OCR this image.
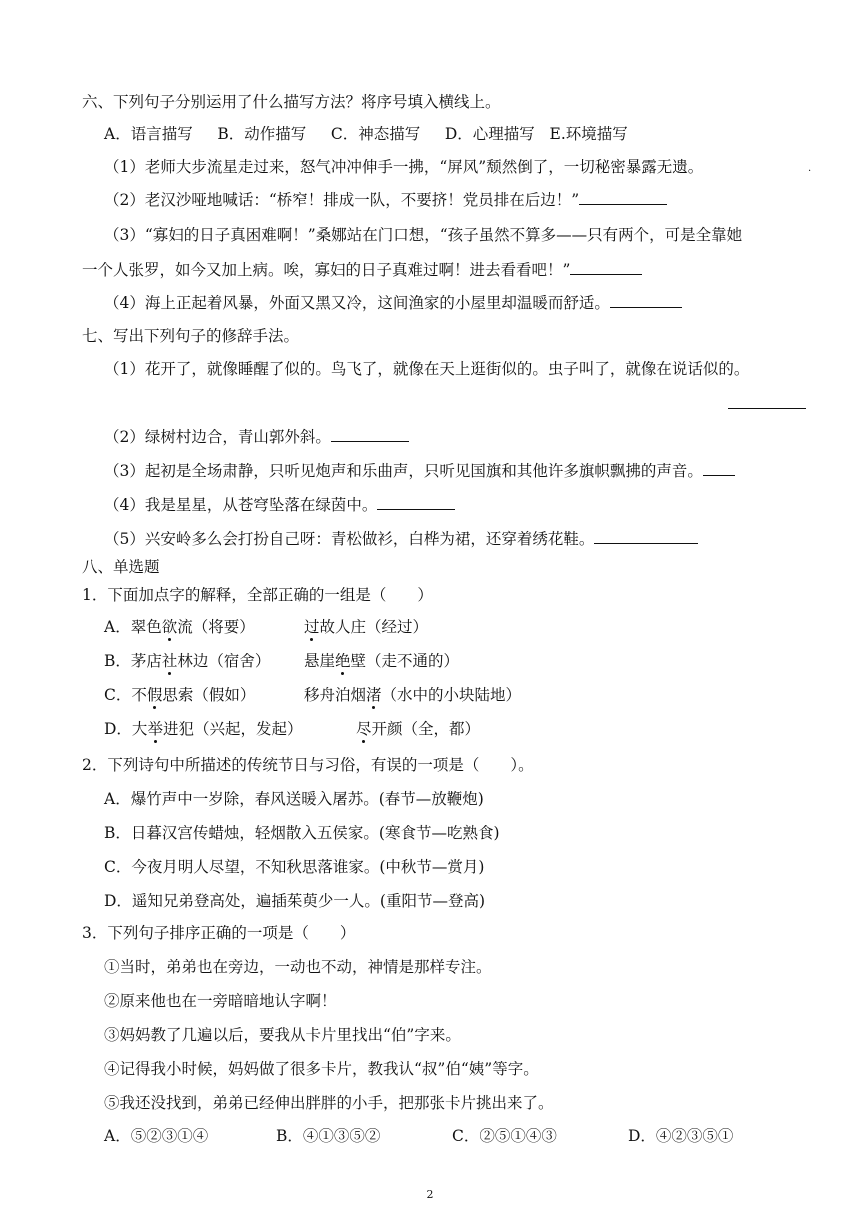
六、下列句子分别运用了什么描写方法？将序号填入横线上。
A．语言描写     B．动作描写     C．神态描写     D．心理描写   E.环境描写
（1）老师大步流星走过来，怒气冲冲伸手一拂，“屏风”颓然倒了，一切秘密暴露无遗。	.
（2）老汉沙哑地喊话：“桥窄！排成一队，不要挤！党员排在后边！”
（3）“寡妇的日子真困难啊！”桑娜站在门口想，“孩子虽然不算多——只有两个，可是全靠她
一个人张罗，如今又加上病。唉，寡妇的日子真难过啊！进去看看吧！”
（4）海上正起着风暴，外面又黑又冷，这间渔家的小屋里却温暖而舒适。
七、写出下列句子的修辞手法。
（1）花开了，就像睡醒了似的。鸟飞了，就像在天上逛街似的。虫子叫了，就像在说话似的。
（2）绿树村边合，青山郭外斜。
（3）起初是全场肃静，只听见炮声和乐曲声，只听见国旗和其他许多旗帜飘拂的声音。
（4）我是星星，从苍穹坠落在绿茵中。
（5）兴安岭多么会打扮自己呀：青松做衫，白桦为裙，还穿着绣花鞋。
八、单选题
1．下面加点字的解释，全部正确的一组是（　　）
A．翠色欲流（将要）	过故人庄（经过）
B．茅店社林边（宿舍） 悬崖绝壁（走不通的）
C．不假思索（假如）	移舟泊烟渚（水中的小块陆地）
D．大举进犯（兴起，发起）	尽开颜（全，都）
2．下列诗句中所描述的传统节日与习俗，有误的一项是（　　）。
A．爆竹声中一岁除，春风送暖入屠苏。(春节—放鞭炮)
B．日暮汉宫传蜡烛，轻烟散入五侯家。(寒食节—吃熟食)
C．今夜月明人尽望，不知秋思落谁家。(中秋节—赏月)
D．遥知兄弟登高处，遍插茱萸少一人。(重阳节—登高)
3．下列句子排序正确的一项是（　　）
①当时，弟弟也在旁边，一动也不动，神情是那样专注。
②原来他也在一旁暗暗地认字啊！
③妈妈教了几遍以后，要我从卡片里找出“伯”字来。
④记得我小时候，妈妈做了很多卡片，教我认“叔”伯“姨”等字。
⑤我还没找到，弟弟已经伸出胖胖的小手，把那张卡片挑出来了。
A．⑤②③①④	B．④①③⑤②	C．②⑤①④③	D．④②③⑤①
2
